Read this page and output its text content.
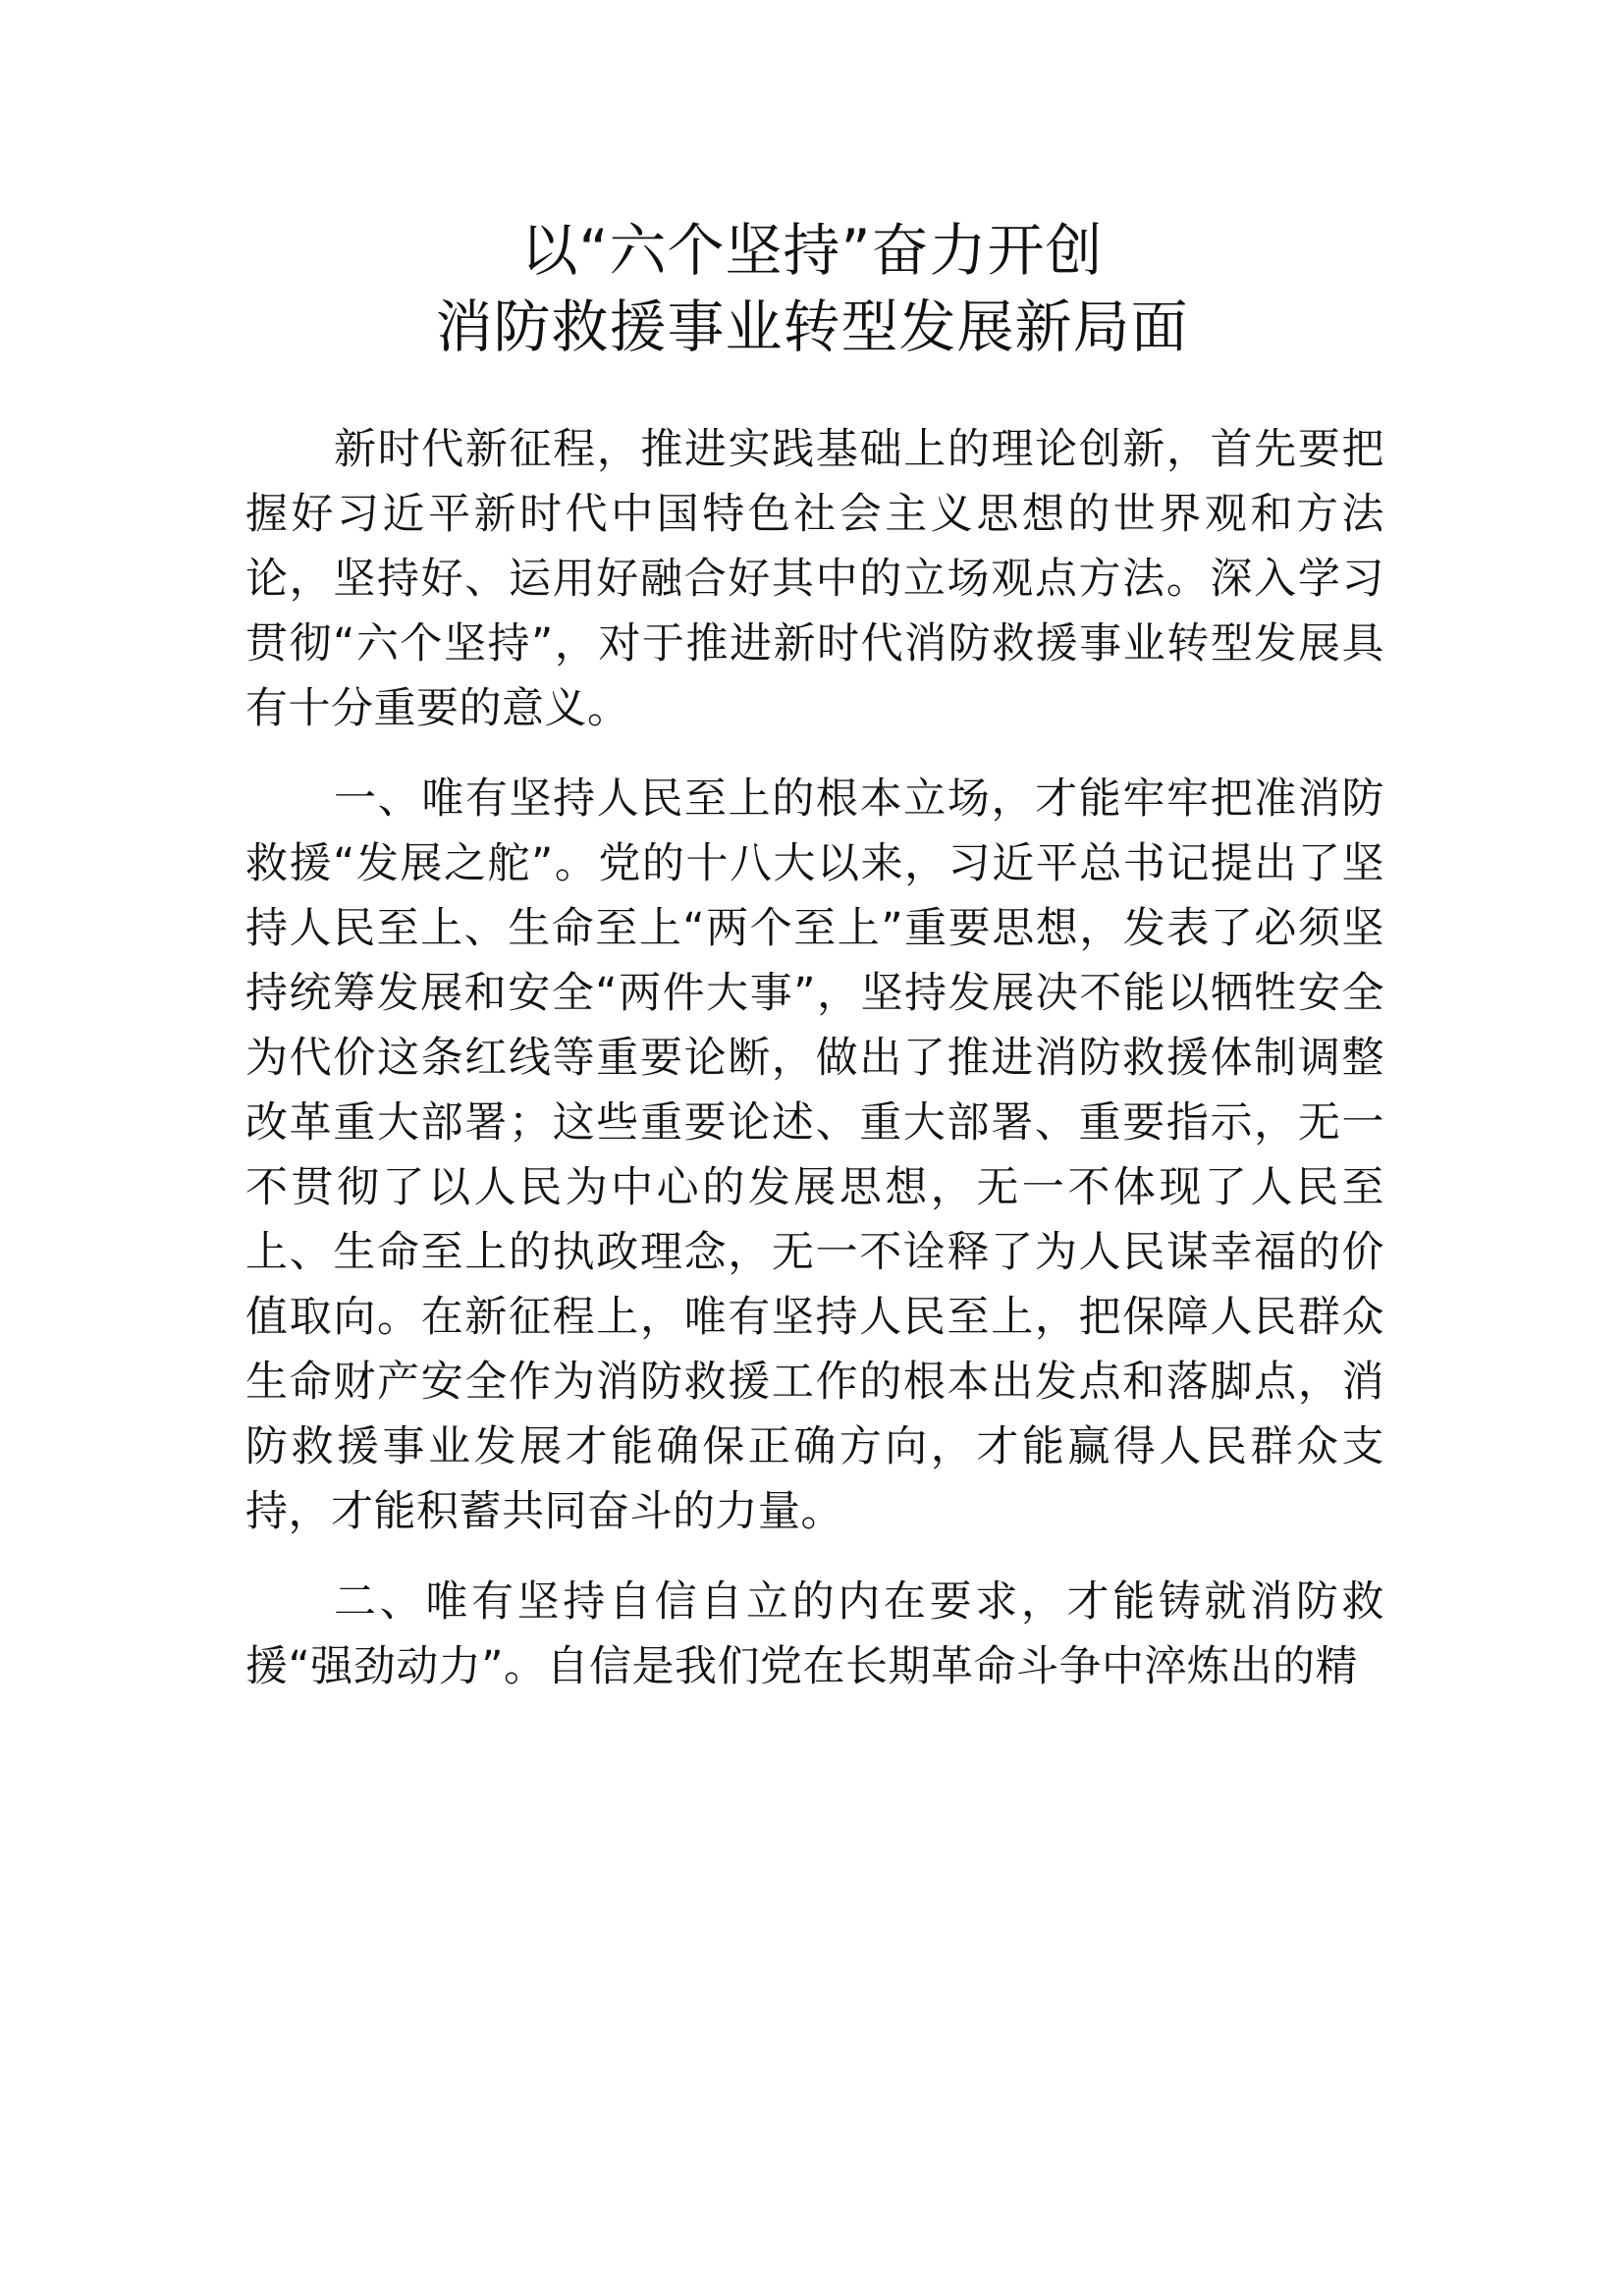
以“六个坚持”奋力开创
消防救援事业转型发展新局面

新时代新征程，推进实践基础上的理论创新，首先要把握好习近平新时代中国特色社会主义思想的世界观和方法论，坚持好、运用好融合好其中的立场观点方法。深入学习贯彻“六个坚持”，对于推进新时代消防救援事业转型发展具有十分重要的意义。

一、唯有坚持人民至上的根本立场，才能牢牢把准消防救援“发展之舵”。党的十八大以来，习近平总书记提出了坚持人民至上、生命至上“两个至上”重要思想，发表了必须坚持统筹发展和安全“两件大事”，坚持发展决不能以牺牲安全为代价这条红线等重要论断，做出了推进消防救援体制调整改革重大部署；这些重要论述、重大部署、重要指示，无一不贯彻了以人民为中心的发展思想，无一不体现了人民至上、生命至上的执政理念，无一不诠释了为人民谋幸福的价值取向。在新征程上，唯有坚持人民至上，把保障人民群众生命财产安全作为消防救援工作的根本出发点和落脚点，消防救援事业发展才能确保正确方向，才能赢得人民群众支持，才能积蓄共同奋斗的力量。

二、唯有坚持自信自立的内在要求，才能铸就消防救援“强劲动力”。自信是我们党在长期革命斗争中淬炼出的精
